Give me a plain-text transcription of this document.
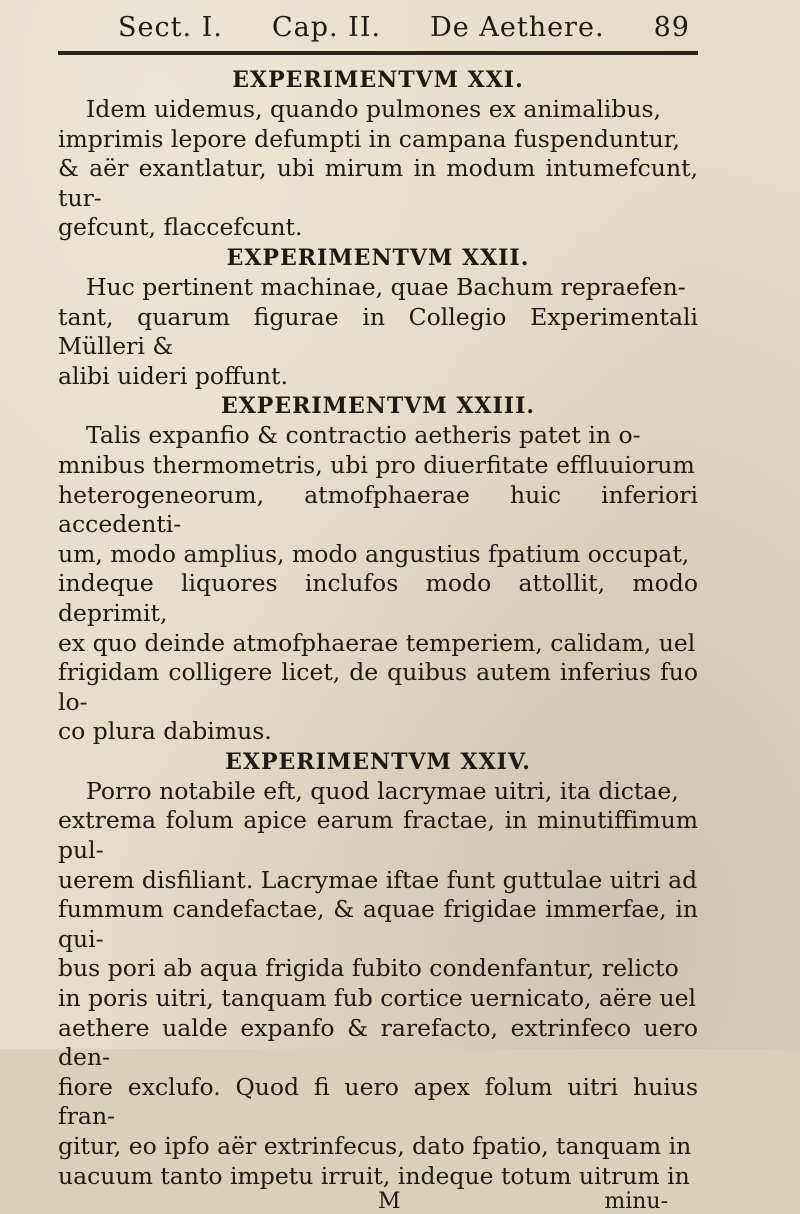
Sect. I. Cap. II. De Aethere. 89
EXPERIMENTVM XXI.

Idem uidemus, quando pulmones ex animalibus,
imprimis lepore defumpti in campana fuspenduntur,
& aër exantlatur, ubi mirum in modum intumefcunt, tur-
gefcunt, flaccefcunt.

EXPERIMENTVM XXII.

Huc pertinent machinae, quae Bachum repraefen-
tant, quarum figurae in Collegio Experimentali Mülleri &
alibi uideri poffunt.

EXPERIMENTVM XXIII.

Talis expanfio & contractio aetheris patet in o-
mnibus thermometris, ubi pro diuerfitate effluuiorum
heterogeneorum, atmofphaerae huic inferiori accedenti-
um, modo amplius, modo angustius fpatium occupat,
indeque liquores inclufos modo attollit, modo deprimit,
ex quo deinde atmofphaerae temperiem, calidam, uel
frigidam colligere licet, de quibus autem inferius fuo lo-
co plura dabimus.

EXPERIMENTVM XXIV.

Porro notabile eft, quod lacrymae uitri, ita dictae,
extrema folum apice earum fractae, in minutiffimum pul-
uerem disfiliant. Lacrymae iftae funt guttulae uitri ad
fummum candefactae, & aquae frigidae immerfae, in qui-
bus pori ab aqua frigida fubito condenfantur, relicto
in poris uitri, tanquam fub cortice uernicato, aëre uel
aethere ualde expanfo & rarefacto, extrinfeco uero den-
fiore exclufo. Quod fi uero apex folum uitri huius fran-
gitur, eo ipfo aër extrinfecus, dato fpatio, tanquam in
uacuum tanto impetu irruit, indeque totum uitrum in

M	minu-
